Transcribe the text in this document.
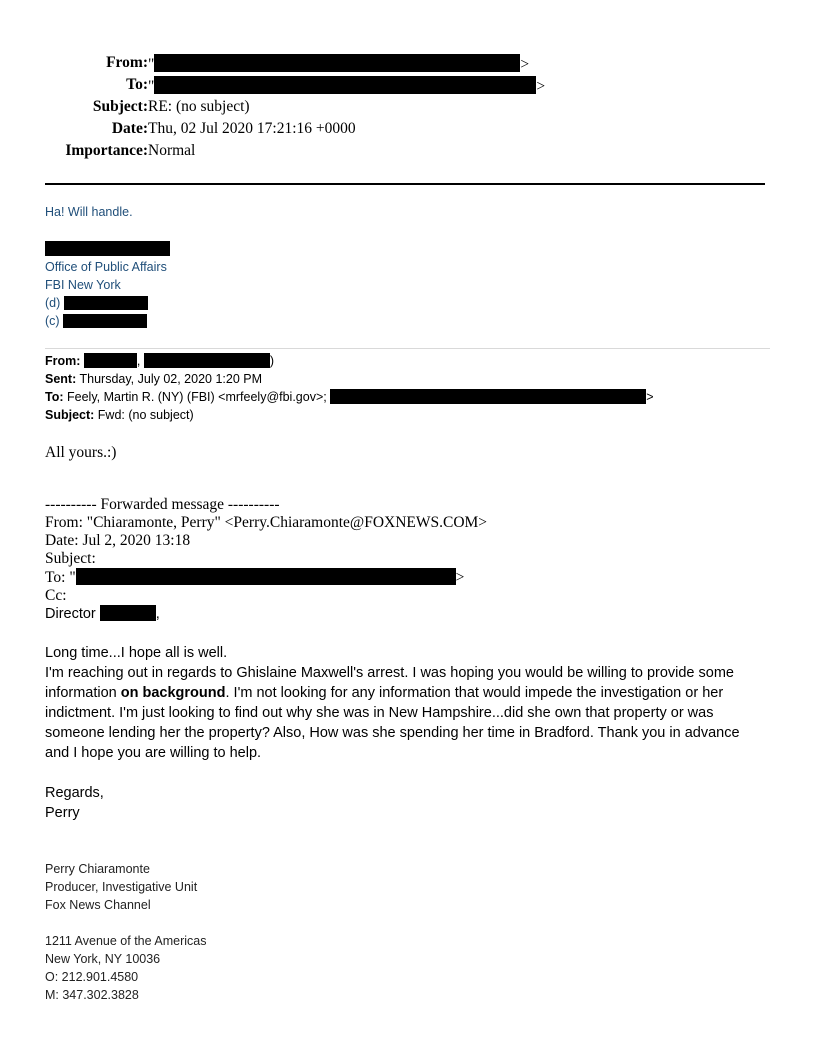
From: "	>
To: "	>
Subject: RE: (no subject)
Date: Thu, 02 Jul 2020 17:21:16 +0000
Importance: Normal
Ha! Will handle.
Office of Public Affairs
FBI New York
(d)
(c)
From:	,	)
Sent: Thursday, July 02, 2020 1:20 PM
To: Feely, Martin R. (NY) (FBI) <mrfeely@fbi.gov>;	>
Subject: Fwd: (no subject)
All yours.:)
---------- Forwarded message ----------
From: "Chiaramonte, Perry" <Perry.Chiaramonte@FOXNEWS.COM>
Date: Jul 2, 2020 13:18
Subject:
To: "	>
Cc:
Director	,
Long time...I hope all is well.
I'm reaching out in regards to Ghislaine Maxwell's arrest. I was hoping you would be willing to provide some information on background. I'm not looking for any information that would impede the investigation or her indictment. I'm just looking to find out why she was in New Hampshire...did she own that property or was someone lending her the property? Also, How was she spending her time in Bradford. Thank you in advance and I hope you are willing to help.
Regards,
Perry
Perry Chiaramonte
Producer, Investigative Unit
Fox News Channel
1211 Avenue of the Americas
New York, NY 10036
O: 212.901.4580
M: 347.302.3828
